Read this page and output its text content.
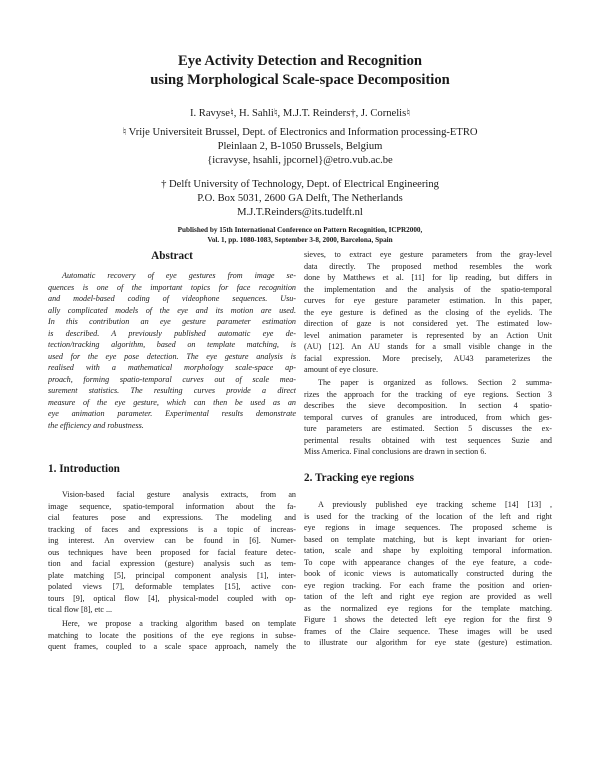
Eye Activity Detection and Recognition
using Morphological Scale-space Decomposition
I. Ravyse♮, H. Sahli♮, M.J.T. Reinders†, J. Cornelis♮
♮ Vrije Universiteit Brussel, Dept. of Electronics and Information processing-ETRO
Pleinlaan 2, B-1050 Brussels, Belgium
{icravyse, hsahli, jpcornel}@etro.vub.ac.be
† Delft University of Technology, Dept. of Electrical Engineering
P.O. Box 5031, 2600 GA Delft, The Netherlands
M.J.T.Reinders@its.tudelft.nl
Published by 15th International Conference on Pattern Recognition, ICPR2000,
Vol. 1, pp. 1080-1083, September 3-8, 2000, Barcelona, Spain
Abstract
Automatic recovery of eye gestures from image se-
quences is one of the important topics for face recognition
and model-based coding of videophone sequences. Usu-
ally complicated models of the eye and its motion are used.
In this contribution an eye gesture parameter estimation
is described. A previously published automatic eye de-
tection/tracking algorithm, based on template matching, is
used for the eye pose detection. The eye gesture analysis is
realised with a mathematical morphology scale-space ap-
proach, forming spatio-temporal curves out of scale mea-
surement statistics. The resulting curves provide a direct
measure of the eye gesture, which can then be used as an
eye animation parameter. Experimental results demonstrate
the efficiency and robustness.
1. Introduction
Vision-based facial gesture analysis extracts, from an
image sequence, spatio-temporal information about the fa-
cial features pose and expressions. The modeling and
tracking of faces and expressions is a topic of increas-
ing interest. An overview can be found in [6]. Numer-
ous techniques have been proposed for facial feature detec-
tion and facial expression (gesture) analysis such as tem-
plate matching [5], principal component analysis [1], inter-
polated views [7], deformable templates [15], active con-
tours [9], optical flow [4], physical-model coupled with op-
tical flow [8], etc ...
Here, we propose a tracking algorithm based on template
matching to locate the positions of the eye regions in subse-
quent frames, coupled to a scale space approach, namely the
sieves, to extract eye gesture parameters from the gray-level
data directly. The proposed method resembles the work
done by Matthews et al. [11] for lip reading, but differs in
the implementation and the analysis of the spatio-temporal
curves for eye gesture parameter estimation. In this paper,
the eye gesture is defined as the closing of the eyelids. The
direction of gaze is not considered yet. The estimated low-
level animation parameter is represented by an Action Unit
(AU) [12]. An AU stands for a small visible change in the
facial expression. More precisely, AU43 parameterizes the
amount of eye closure.
The paper is organized as follows. Section 2 summa-
rizes the approach for the tracking of eye regions. Section 3
describes the sieve decomposition. In section 4 spatio-
temporal curves of granules are introduced, from which ges-
ture parameters are estimated. Section 5 discusses the ex-
perimental results obtained with test sequences Suzie and
Miss America. Final conclusions are drawn in section 6.
2. Tracking eye regions
A previously published eye tracking scheme [14] [13] ,
is used for the tracking of the location of the left and right
eye regions in image sequences. The proposed scheme is
based on template matching, but is kept invariant for orien-
tation, scale and shape by exploiting temporal information.
To cope with appearance changes of the eye feature, a code-
book of iconic views is automatically constructed during the
eye region tracking. For each frame the position and orien-
tation of the left and right eye region are provided as well
as the normalized eye regions for the template matching.
Figure 1 shows the detected left eye region for the first 9
frames of the Claire sequence. These images will be used
to illustrate our algorithm for eye state (gesture) estimation.
